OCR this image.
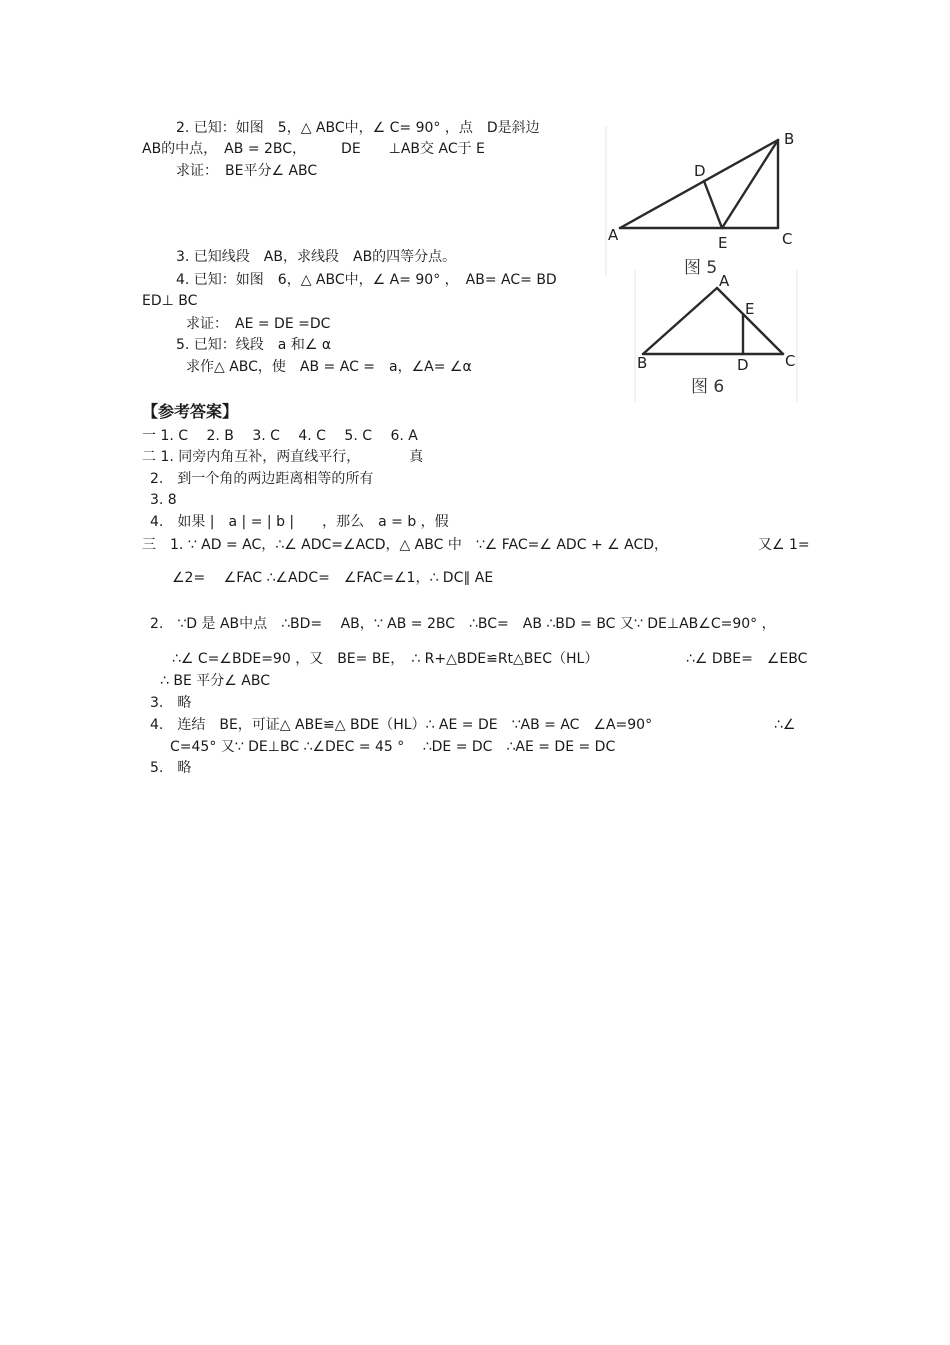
2. 已知：如图　5，△ ABC中，∠ C= 90° ，点　D是斜边
AB的中点，　AB = 2BC，　　　DE　　⊥AB交 AC于 E
求证：　BE平分∠ ABC
3. 已知线段　AB，求线段　AB的四等分点。
4. 已知：如图　6，△ ABC中，∠ A= 90° ，　AB= AC= BD
ED⊥ BC
求证：　AE = DE =DC
5. 已知：线段　a 和∠ α
求作△ ABC，使　AB = AC =　a，∠A= ∠α
A
B
C
D
E
图 5
A
B	C
D
E
图 6
【参考答案】
一 1. C　 2. B　 3. C　 4. C　 5. C　 6. A
二 1. 同旁内角互补，两直线平行，　　　　真
2.　到一个角的两边距离相等的所有
3. 8
4.　如果 |　a | = | b |　　，那么　a = b ，假
三　1. ∵ AD = AC，∴∠ ADC=∠ACD，△ ABC 中　∵∠ FAC=∠ ADC + ∠ ACD，	又∠ 1=
∠2=　 ∠FAC ∴∠ADC=　∠FAC=∠1，∴ DC∥ AE
2.　∵D 是 AB中点　∴BD=　 AB，∵ AB = 2BC　∴BC=　AB ∴BD = BC 又∵ DE⊥AB∠C=90° ，
∴∠ C=∠BDE=90 ，又　BE= BE，　∴ R+△BDE≌Rt△BEC（HL）	∴∠ DBE=　∠EBC
∴ BE 平分∠ ABC
3.　略
4.　连结　BE，可证△ ABE≌△ BDE（HL）∴ AE = DE　∵AB = AC　∠A=90°	∴∠
C=45° 又∵ DE⊥BC ∴∠DEC = 45 °　 ∴DE = DC　∴AE = DE = DC
5.　略
